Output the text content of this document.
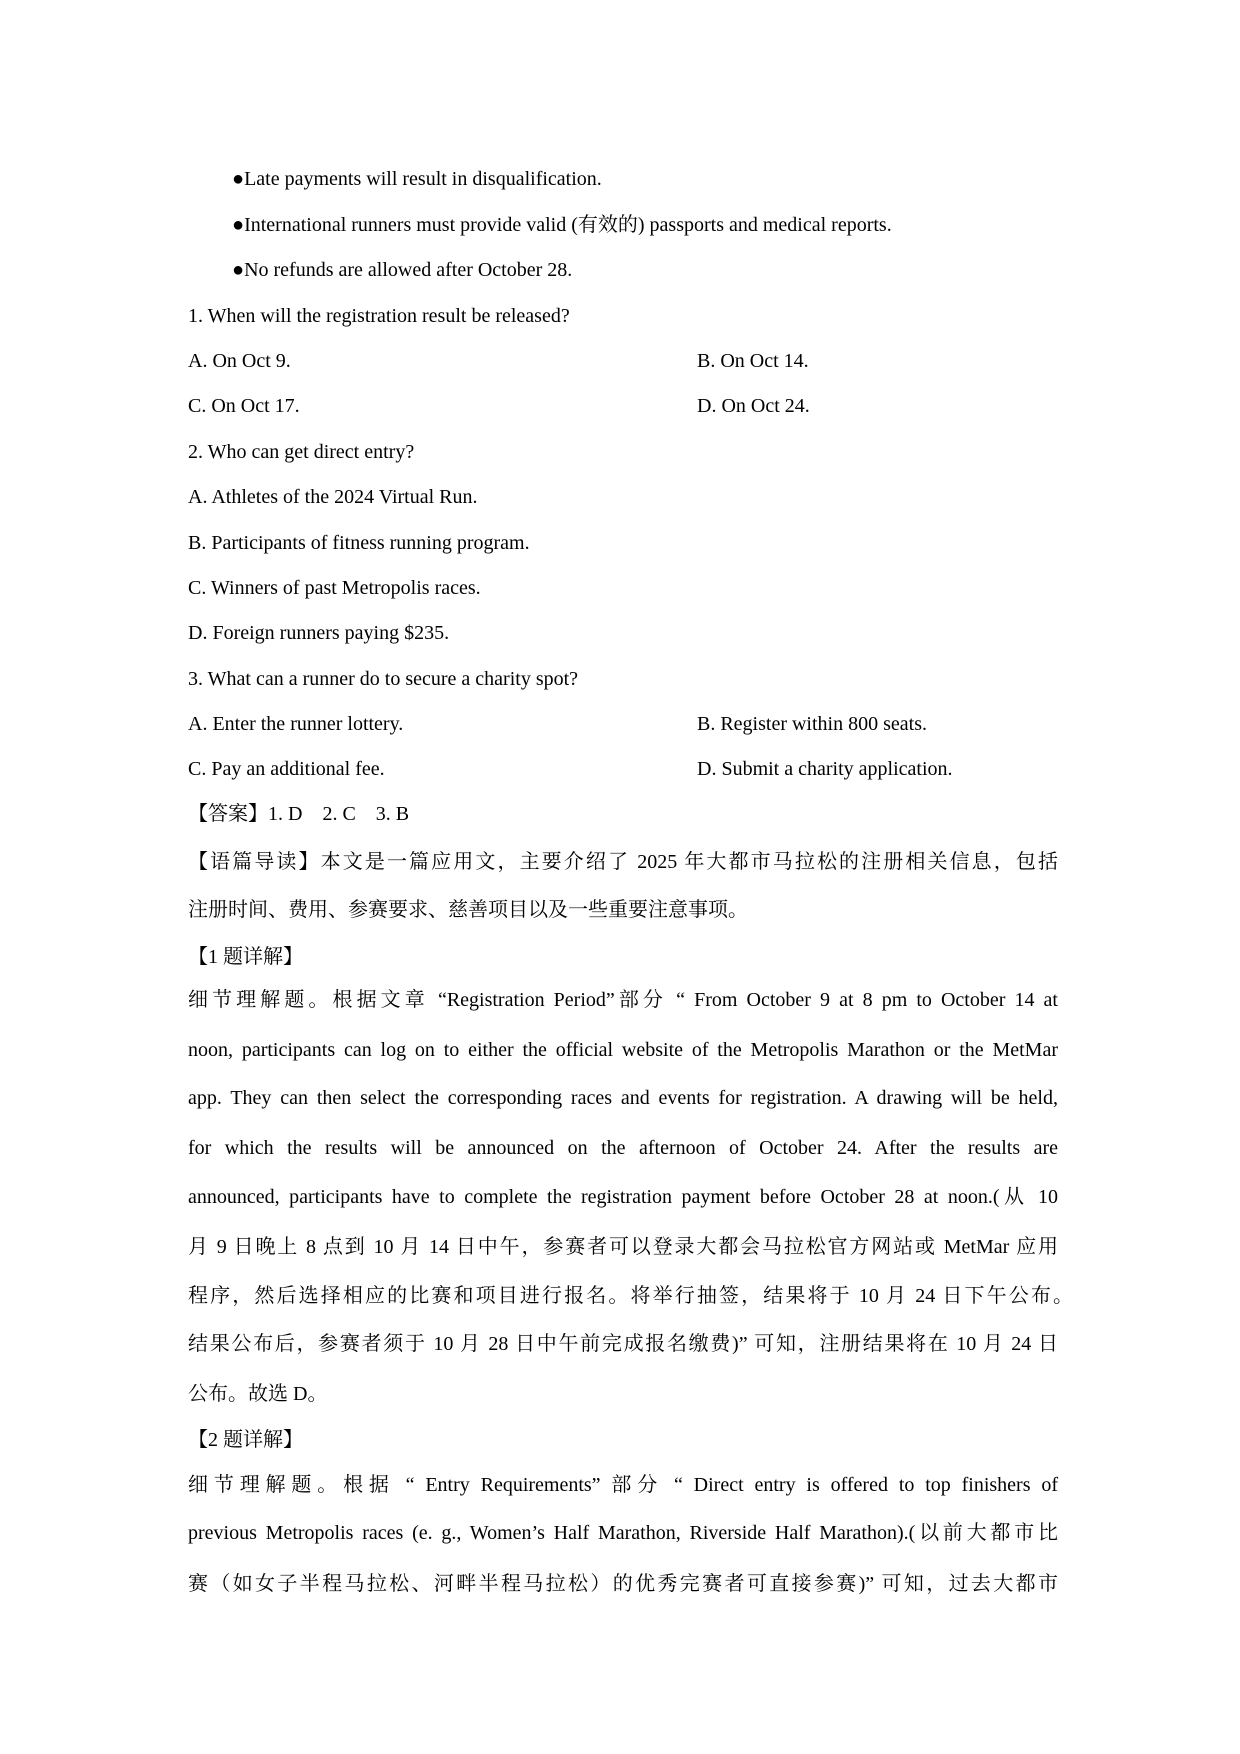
●Late payments will result in disqualification.
●International runners must provide valid (有效的) passports and medical reports.
●No refunds are allowed after October 28.
1. When will the registration result be released?
A. On Oct 9.	B. On Oct 14.
C. On Oct 17.	D. On Oct 24.
2. Who can get direct entry?
A. Athletes of the 2024 Virtual Run.
B. Participants of fitness running program.
C. Winners of past Metropolis races.
D. Foreign runners paying $235.
3. What can a runner do to secure a charity spot?
A. Enter the runner lottery.	B. Register within 800 seats.
C. Pay an additional fee.	D. Submit a charity application.
【答案】1. D　2. C　3. B
【语篇导读】本文是一篇应用文，主要介绍了 2025 年大都市马拉松的注册相关信息，包括
注册时间、费用、参赛要求、慈善项目以及一些重要注意事项。
【1 题详解】
细节理解题。根据文章 “Registration Period”部分 “ From October 9 at 8 pm to October 14 at
noon, participants can log on to either the official website of the Metropolis Marathon or the MetMar
app. They can then select the corresponding races and events for registration. A drawing will be held,
for which the results will be announced on the afternoon of October 24. After the results are
announced, participants have to complete the registration payment before October 28 at noon.(从 10
月 9 日晚上 8 点到 10 月 14 日中午，参赛者可以登录大都会马拉松官方网站或 MetMar 应用
程序，然后选择相应的比赛和项目进行报名。将举行抽签，结果将于 10 月 24 日下午公布。
结果公布后，参赛者须于 10 月 28 日中午前完成报名缴费)” 可知，注册结果将在 10 月 24 日
公布。故选 D。
【2 题详解】
细节理解题。根据 “ Entry Requirements” 部分 “ Direct entry is offered to top finishers of
previous Metropolis races (e. g., Women’s Half Marathon, Riverside Half Marathon).(以前大都市比
赛（如女子半程马拉松、河畔半程马拉松）的优秀完赛者可直接参赛)” 可知，过去大都市
